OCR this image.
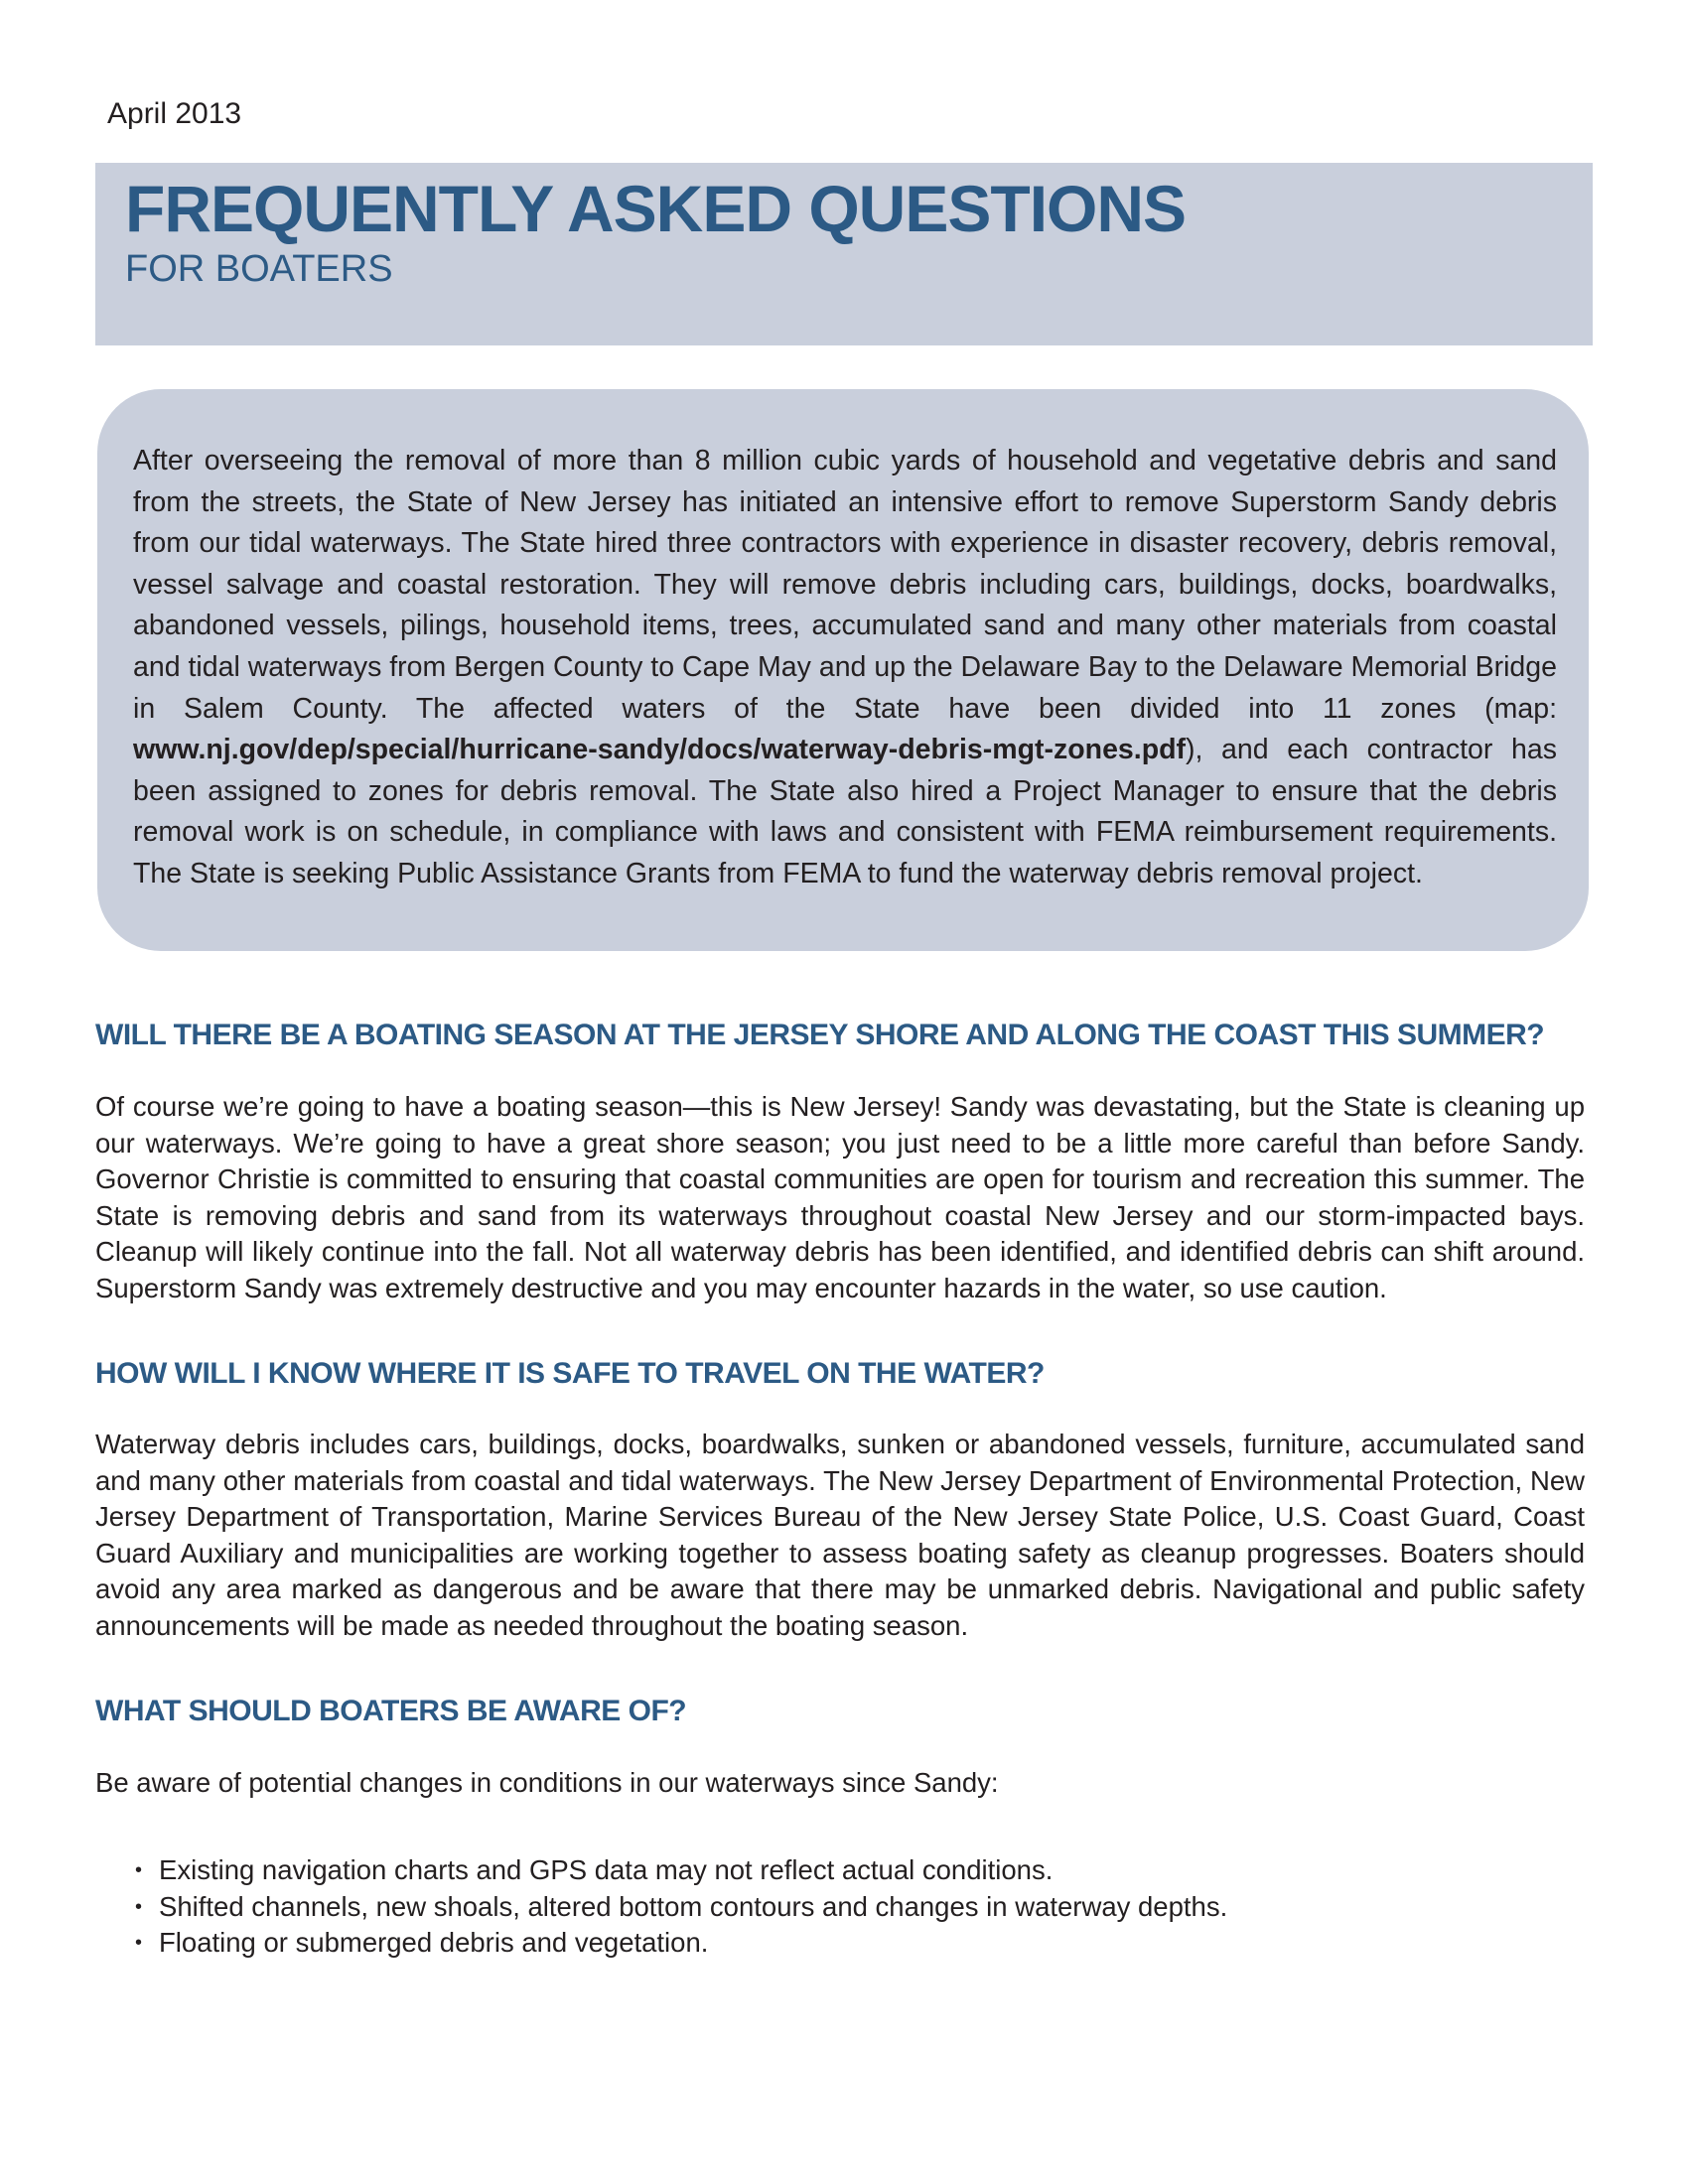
April 2013
FREQUENTLY ASKED QUESTIONS
FOR BOATERS

After overseeing the removal of more than 8 million cubic yards of household and vegetative debris and sand from the streets, the State of New Jersey has initiated an intensive effort to remove Superstorm Sandy debris from our tidal waterways. The State hired three contractors with experience in disaster recovery, debris removal, vessel salvage and coastal restoration. They will remove debris including cars, buildings, docks, boardwalks, abandoned vessels, pilings, household items, trees, accumulated sand and many other materials from coastal and tidal waterways from Bergen County to Cape May and up the Delaware Bay to the Delaware Memorial Bridge in Salem County. The affected waters of the State have been divided into 11 zones (map: www.nj.gov/dep/special/hurricane-sandy/docs/waterway-debris-mgt-zones.pdf), and each contractor has been assigned to zones for debris removal. The State also hired a Project Manager to ensure that the debris removal work is on schedule, in compliance with laws and consistent with FEMA reimbursement requirements. The State is seeking Public Assistance Grants from FEMA to fund the waterway debris removal project.

WILL THERE BE A BOATING SEASON AT THE JERSEY SHORE AND ALONG THE COAST THIS SUMMER?

Of course we’re going to have a boating season—this is New Jersey! Sandy was devastating, but the State is cleaning up our waterways. We’re going to have a great shore season; you just need to be a little more careful than before Sandy. Governor Christie is committed to ensuring that coastal communities are open for tourism and recreation this summer. The State is removing debris and sand from its waterways throughout coastal New Jersey and our storm-impacted bays. Cleanup will likely continue into the fall. Not all waterway debris has been identified, and identified debris can shift around. Superstorm Sandy was extremely destructive and you may encounter hazards in the water, so use caution.

HOW WILL I KNOW WHERE IT IS SAFE TO TRAVEL ON THE WATER?

Waterway debris includes cars, buildings, docks, boardwalks, sunken or abandoned vessels, furniture, accumulated sand and many other materials from coastal and tidal waterways. The New Jersey Department of Environmental Protection, New Jersey Department of Transportation, Marine Services Bureau of the New Jersey State Police, U.S. Coast Guard, Coast Guard Auxiliary and municipalities are working together to assess boating safety as cleanup progresses. Boaters should avoid any area marked as dangerous and be aware that there may be unmarked debris. Navigational and public safety announcements will be made as needed throughout the boating season.

WHAT SHOULD BOATERS BE AWARE OF?

Be aware of potential changes in conditions in our waterways since Sandy:

• Existing navigation charts and GPS data may not reflect actual conditions.
• Shifted channels, new shoals, altered bottom contours and changes in waterway depths.
• Floating or submerged debris and vegetation.
